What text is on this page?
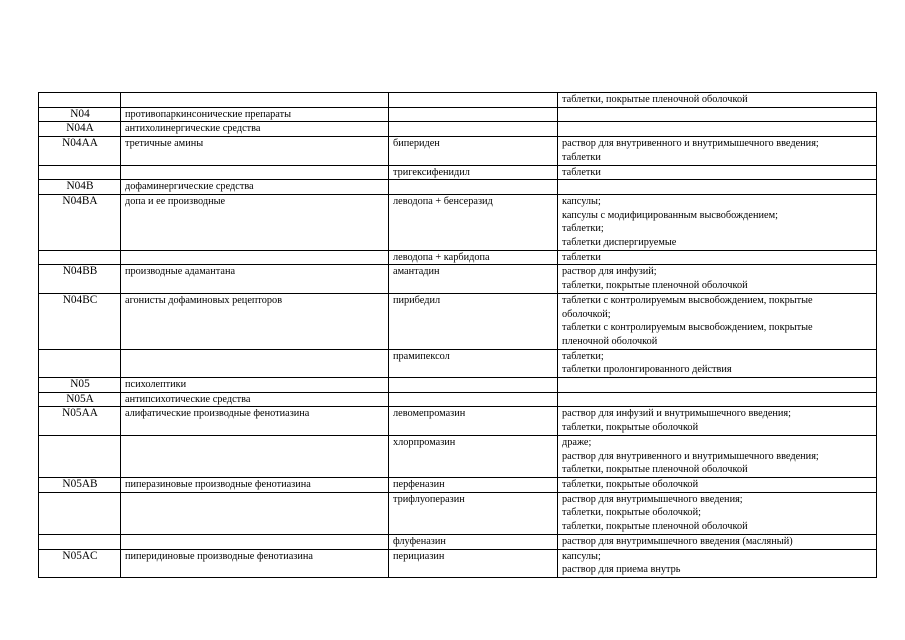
			таблетки, покрытые пленочной оболочкой

N04	противопаркинсонические препараты		
N04A	антихолинергические средства		
N04AA	третичные амины	бипериден	раствор для внутривенного и внутримышечного введения;
таблетки

		тригексифенидил	таблетки

N04B	дофаминергические средства		
N04BA	допа и ее производные	леводопа + бенсеразид	капсулы;
капсулы с модифицированным высвобождением;
таблетки;
таблетки диспергируемые

		леводопа + карбидопа	таблетки

N04BB	производные адамантана	амантадин	раствор для инфузий;
таблетки, покрытые пленочной оболочкой

N04BC	агонисты дофаминовых рецепторов	пирибедил	таблетки с контролируемым высвобождением, покрытые
оболочкой;
таблетки с контролируемым высвобождением, покрытые
пленочной оболочкой

		прамипексол	таблетки;
таблетки пролонгированного действия

N05	психолептики		
N05A	антипсихотические средства		
N05AA	алифатические производные фенотиазина	левомепромазин	раствор для инфузий и внутримышечного введения;
таблетки, покрытые оболочкой

		хлорпромазин	драже;
раствор для внутривенного и внутримышечного введения;
таблетки, покрытые пленочной оболочкой

N05AB	пиперазиновые производные фенотиазина	перфеназин	таблетки, покрытые оболочкой

		трифлуоперазин	раствор для внутримышечного введения;
таблетки, покрытые оболочкой;
таблетки, покрытые пленочной оболочкой

		флуфеназин	раствор для внутримышечного введения (масляный)

N05AC	пиперидиновые производные фенотиазина	перициазин	капсулы;
раствор для приема внутрь
